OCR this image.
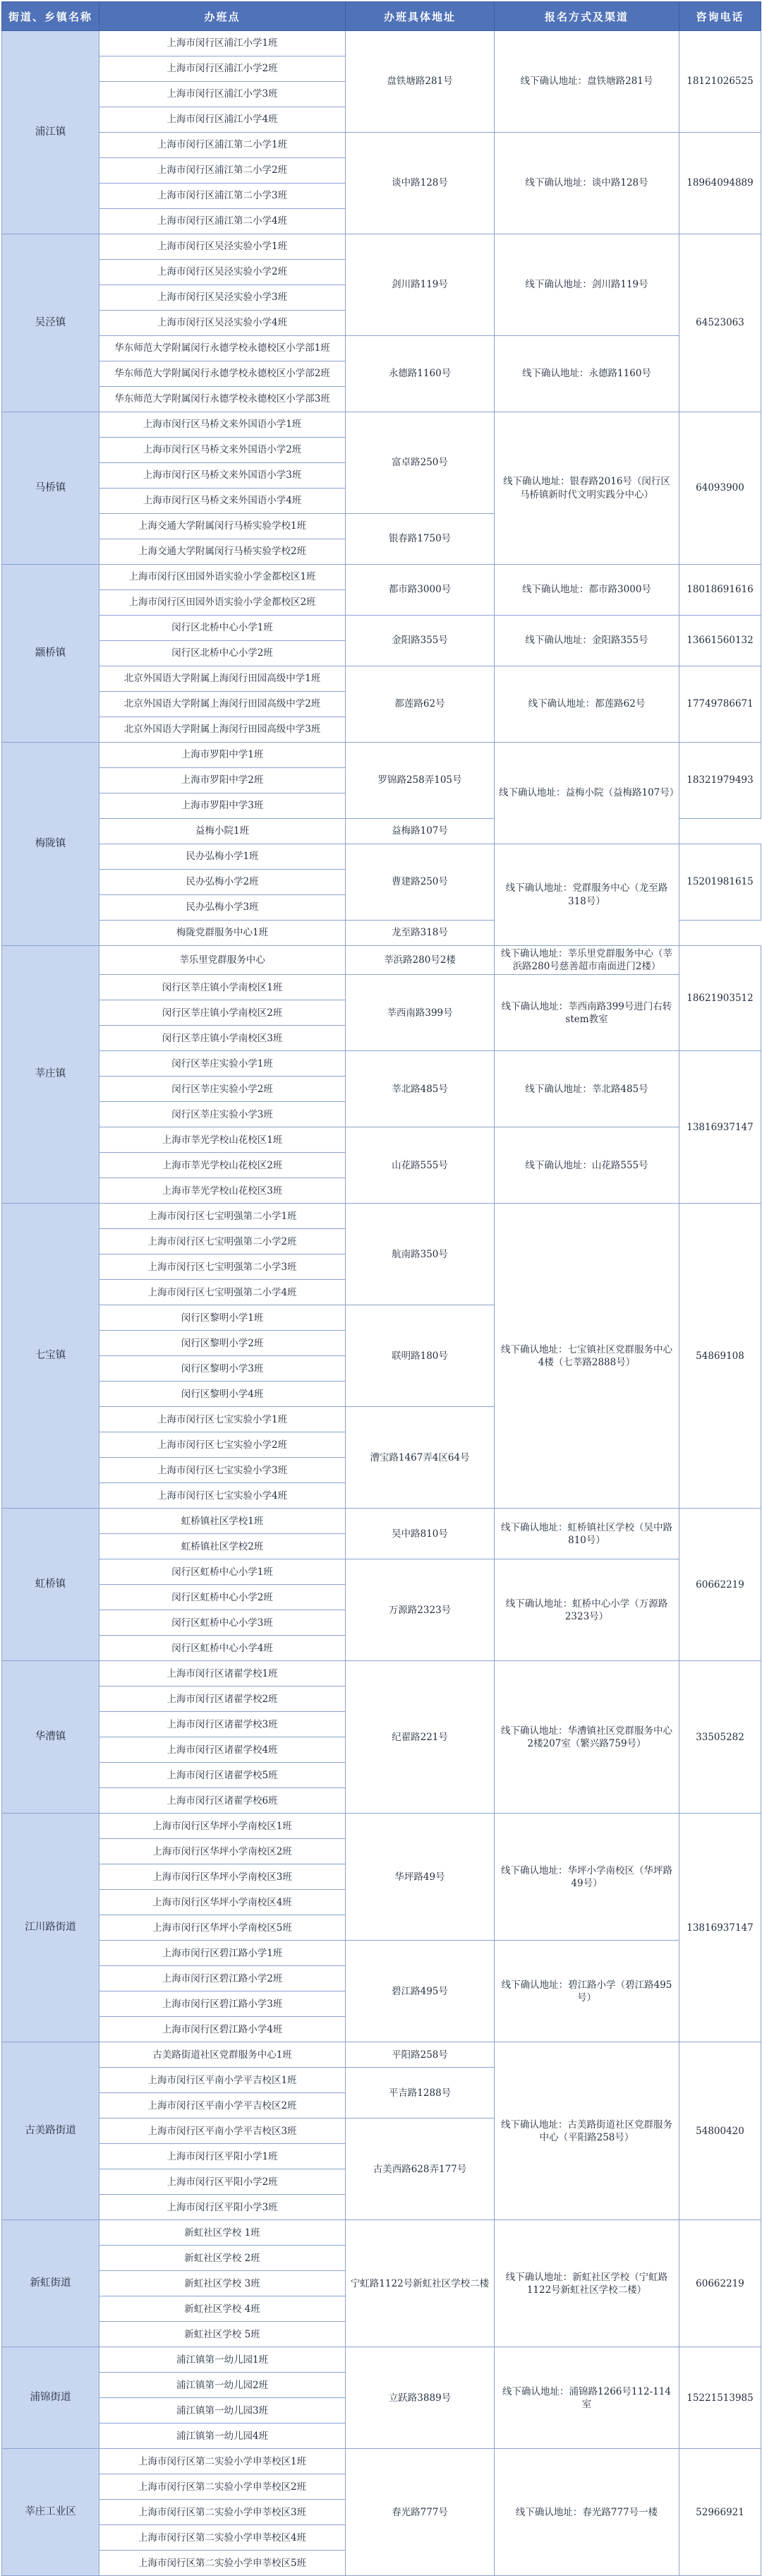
街道、乡镇名称	办班点	办班具体地址	报名方式及渠道	咨询电话
浦江镇	上海市闵行区浦江小学1班	盘铁塘路281号	线下确认地址：盘铁塘路281号	18121026525
	上海市闵行区浦江小学2班			
	上海市闵行区浦江小学3班			
	上海市闵行区浦江小学4班			
	上海市闵行区浦江第二小学1班	谈中路128号	线下确认地址：谈中路128号	18964094889
	上海市闵行区浦江第二小学2班			
	上海市闵行区浦江第二小学3班			
	上海市闵行区浦江第二小学4班			
吴泾镇	上海市闵行区吴泾实验小学1班	剑川路119号	线下确认地址：剑川路119号	64523063
	上海市闵行区吴泾实验小学2班			
	上海市闵行区吴泾实验小学3班			
	上海市闵行区吴泾实验小学4班			
	华东师范大学附属闵行永德学校永德校区小学部1班	永德路1160号	线下确认地址：永德路1160号	
	华东师范大学附属闵行永德学校永德校区小学部2班			
	华东师范大学附属闵行永德学校永德校区小学部3班			
马桥镇	上海市闵行区马桥文来外国语小学1班	富卓路250号	线下确认地址：银春路2016号（闵行区马桥镇新时代文明实践分中心）	64093900
	上海市闵行区马桥文来外国语小学2班			
	上海市闵行区马桥文来外国语小学3班			
	上海市闵行区马桥文来外国语小学4班			
	上海交通大学附属闵行马桥实验学校1班	银春路1750号		
	上海交通大学附属闵行马桥实验学校2班			
颛桥镇	上海市闵行区田园外语实验小学金都校区1班	都市路3000号	线下确认地址：都市路3000号	18018691616
	上海市闵行区田园外语实验小学金都校区2班			
	闵行区北桥中心小学1班	金阳路355号	线下确认地址：金阳路355号	13661560132
	闵行区北桥中心小学2班			
	北京外国语大学附属上海闵行田园高级中学1班	都莲路62号	线下确认地址：都莲路62号	17749786671
	北京外国语大学附属上海闵行田园高级中学2班			
	北京外国语大学附属上海闵行田园高级中学3班			
梅陇镇	上海市罗阳中学1班	罗锦路258弄105号	线下确认地址：益梅小院（益梅路107号）	18321979493
	上海市罗阳中学2班			
	上海市罗阳中学3班			
	益梅小院1班	益梅路107号		
	民办弘梅小学1班	曹建路250号	线下确认地址：党群服务中心（龙至路318号）	15201981615
	民办弘梅小学2班			
	民办弘梅小学3班			
	梅陇党群服务中心1班	龙至路318号		
莘庄镇	莘乐里党群服务中心	莘浜路280号2楼	线下确认地址：莘乐里党群服务中心（莘浜路280号慈善超市南面进门2楼）	18621903512
	闵行区莘庄镇小学南校区1班	莘西南路399号	线下确认地址：莘西南路399号进门右转stem教室	
	闵行区莘庄镇小学南校区2班			
	闵行区莘庄镇小学南校区3班			
	闵行区莘庄实验小学1班	莘北路485号	线下确认地址：莘北路485号	13816937147
	闵行区莘庄实验小学2班			
	闵行区莘庄实验小学3班			
	上海市莘光学校山花校区1班	山花路555号	线下确认地址：山花路555号	
	上海市莘光学校山花校区2班			
	上海市莘光学校山花校区3班			
七宝镇	上海市闵行区七宝明强第二小学1班	航南路350号	线下确认地址：七宝镇社区党群服务中心4楼（七莘路2888号）	54869108
	上海市闵行区七宝明强第二小学2班			
	上海市闵行区七宝明强第二小学3班			
	上海市闵行区七宝明强第二小学4班			
	闵行区黎明小学1班	联明路180号		
	闵行区黎明小学2班			
	闵行区黎明小学3班			
	闵行区黎明小学4班			
	上海市闵行区七宝实验小学1班	漕宝路1467弄4区64号		
	上海市闵行区七宝实验小学2班			
	上海市闵行区七宝实验小学3班			
	上海市闵行区七宝实验小学4班			
虹桥镇	虹桥镇社区学校1班	吴中路810号	线下确认地址：虹桥镇社区学校（吴中路810号）	60662219
	虹桥镇社区学校2班			
	闵行区虹桥中心小学1班	万源路2323号	线下确认地址：虹桥中心小学（万源路2323号）	
	闵行区虹桥中心小学2班			
	闵行区虹桥中心小学3班			
	闵行区虹桥中心小学4班			
华漕镇	上海市闵行区诸翟学校1班	纪翟路221号	线下确认地址：华漕镇社区党群服务中心2楼207室（繁兴路759号）	33505282
	上海市闵行区诸翟学校2班			
	上海市闵行区诸翟学校3班			
	上海市闵行区诸翟学校4班			
	上海市闵行区诸翟学校5班			
	上海市闵行区诸翟学校6班			
江川路街道	上海市闵行区华坪小学南校区1班	华坪路49号	线下确认地址：华坪小学南校区（华坪路49号）	13816937147
	上海市闵行区华坪小学南校区2班			
	上海市闵行区华坪小学南校区3班			
	上海市闵行区华坪小学南校区4班			
	上海市闵行区华坪小学南校区5班			
	上海市闵行区碧江路小学1班	碧江路495号	线下确认地址：碧江路小学（碧江路495号）	
	上海市闵行区碧江路小学2班			
	上海市闵行区碧江路小学3班			
	上海市闵行区碧江路小学4班			
古美路街道	古美路街道社区党群服务中心1班	平阳路258号	线下确认地址：古美路街道社区党群服务中心（平阳路258号）	54800420
	上海市闵行区平南小学平吉校区1班	平吉路1288号		
	上海市闵行区平南小学平吉校区2班			
	上海市闵行区平南小学平吉校区3班	古美西路628弄177号		
	上海市闵行区平阳小学1班			
	上海市闵行区平阳小学2班			
	上海市闵行区平阳小学3班			
新虹街道	新虹社区学校 1班	宁虹路1122号新虹社区学校二楼	线下确认地址：新虹社区学校（宁虹路1122号新虹社区学校二楼）	60662219
	新虹社区学校 2班			
	新虹社区学校 3班			
	新虹社区学校 4班			
	新虹社区学校 5班			
浦锦街道	浦江镇第一幼儿园1班	立跃路3889号	线下确认地址：浦锦路1266号112-114室	15221513985
	浦江镇第一幼儿园2班			
	浦江镇第一幼儿园3班			
	浦江镇第一幼儿园4班			
莘庄工业区	上海市闵行区第二实验小学申莘校区1班	春光路777号	线下确认地址：春光路777号一楼	52966921
	上海市闵行区第二实验小学申莘校区2班			
	上海市闵行区第二实验小学申莘校区3班			
	上海市闵行区第二实验小学申莘校区4班			
	上海市闵行区第二实验小学申莘校区5班			
